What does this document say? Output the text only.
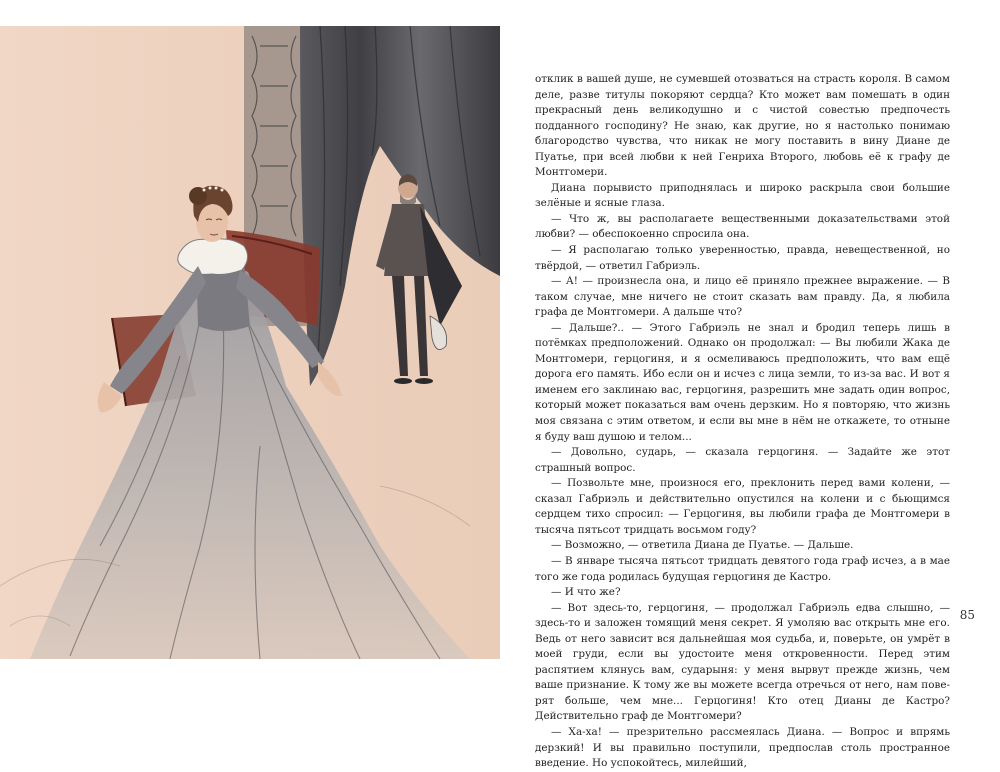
отклик в вашей душе, не сумевшей отозваться на страсть короля. В самом деле, разве титулы покоряют сердца? Кто может вам помешать в один прекрасный день великодушно и с чистой совестью предпочесть подданного господину? Не знаю, как другие, но я настолько понимаю благородство чувства, что никак не могу поставить в вину Диане де Пуатье, при всей любви к ней Генриха Второго, любовь её к графу де Монтгомери.

Диана порывисто приподнялась и широко раскрыла свои большие зелёные и ясные глаза.

— Что ж, вы располагаете вещественными доказательствами этой любви? — обеспокоенно спросила она.

— Я располагаю только уверенностью, правда, невещественной, но твёрдой, — ответил Габриэль.

— А! — произнесла она, и лицо её приняло прежнее выражение. — В таком случае, мне ничего не стоит сказать вам правду. Да, я любила графа де Монтгомери. А дальше что?

— Дальше?.. — Этого Габриэль не знал и бродил теперь лишь в потёмках предположений. Однако он продолжал: — Вы любили Жака де Монтгомери, герцогиня, и я осмеливаюсь предположить, что вам ещё дорога его память. Ибо если он и исчез с лица земли, то из-за вас. И вот я именем его заклинаю вас, герцогиня, разрешить мне задать один вопрос, который может показаться вам очень дерзким. Но я повторяю, что жизнь моя связана с этим ответом, и если вы мне в нём не откажете, то отныне я буду ваш душою и телом...

— Довольно, сударь, — сказала герцогиня. — Задайте же этот страшный вопрос.

— Позвольте мне, произнося его, преклонить перед вами колени, — сказал Габриэль и действительно опустился на колени и с бьющимся сердцем тихо спросил: — Герцогиня, вы любили графа де Монтгомери в тысяча пятьсот тридцать восьмом году?

— Возможно, — ответила Диана де Пуатье. — Дальше.

— В январе тысяча пятьсот тридцать девятого года граф исчез, а в мае того же года родилась будущая герцогиня де Кастро.

— И что же?

— Вот здесь-то, герцогиня, — продолжал Габриэль едва слышно, — здесь-то и заложен томящий меня секрет. Я умоляю вас открыть мне его. Ведь от него зависит вся дальнейшая моя судьба, и, поверьте, он умрёт в моей груди, если вы удостоите меня откровенности. Перед этим распятием клянусь вам, сударыня: у меня вырвут прежде жизнь, чем ваше признание. К тому же вы можете всегда отречься от него, нам поверят больше, чем мне... Герцогиня! Кто отец Дианы де Кастро? Действительно граф де Монтгомери?

— Ха-ха! — презрительно рассмеялась Диана. — Вопрос и впрямь дерзкий! И вы правильно поступили, предпослав столь пространное введение. Но успокойтесь, милейший,

85
